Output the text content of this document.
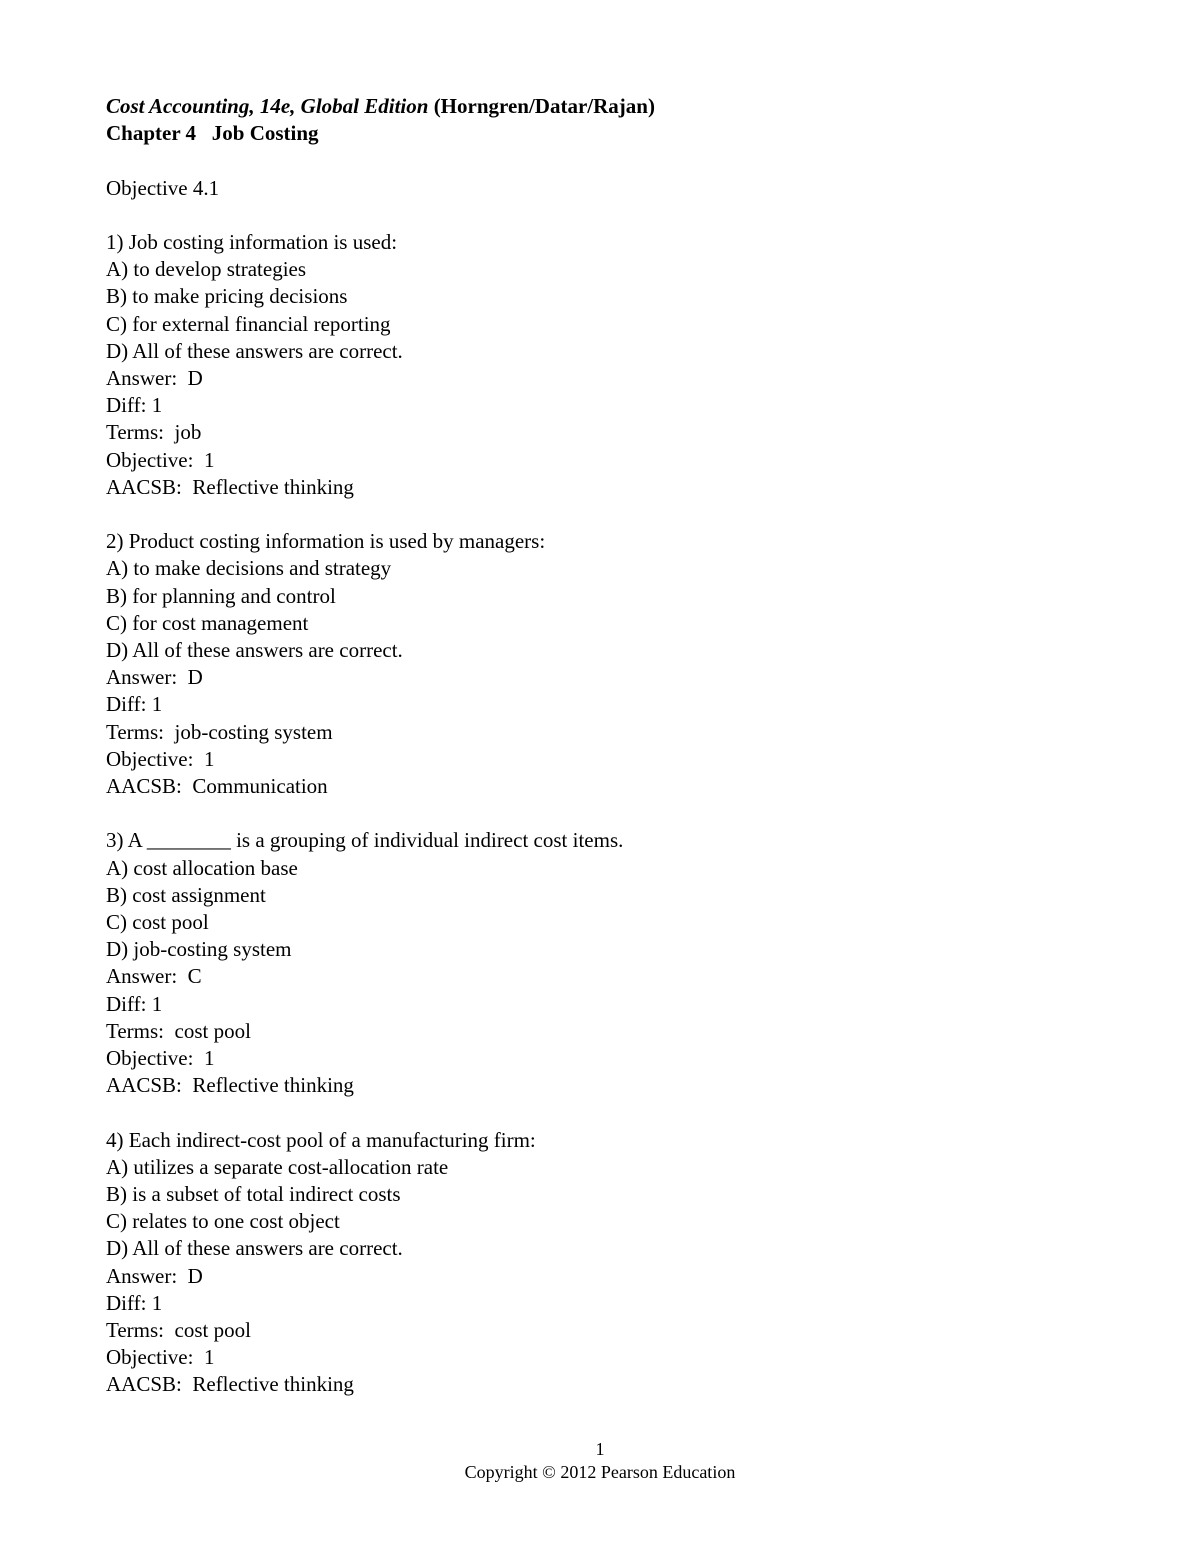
Cost Accounting, 14e, Global Edition (Horngren/Datar/Rajan)
Chapter 4   Job Costing
Objective 4.1
1) Job costing information is used:
A) to develop strategies
B) to make pricing decisions
C) for external financial reporting
D) All of these answers are correct.
Answer:  D
Diff: 1
Terms:  job
Objective:  1
AACSB:  Reflective thinking
2) Product costing information is used by managers:
A) to make decisions and strategy
B) for planning and control
C) for cost management
D) All of these answers are correct.
Answer:  D
Diff: 1
Terms:  job-costing system
Objective:  1
AACSB:  Communication
3) A ________ is a grouping of individual indirect cost items.
A) cost allocation base
B) cost assignment
C) cost pool
D) job-costing system
Answer:  C
Diff: 1
Terms:  cost pool
Objective:  1
AACSB:  Reflective thinking
4) Each indirect-cost pool of a manufacturing firm:
A) utilizes a separate cost-allocation rate
B) is a subset of total indirect costs
C) relates to one cost object
D) All of these answers are correct.
Answer:  D
Diff: 1
Terms:  cost pool
Objective:  1
AACSB:  Reflective thinking
1
Copyright © 2012 Pearson Education
